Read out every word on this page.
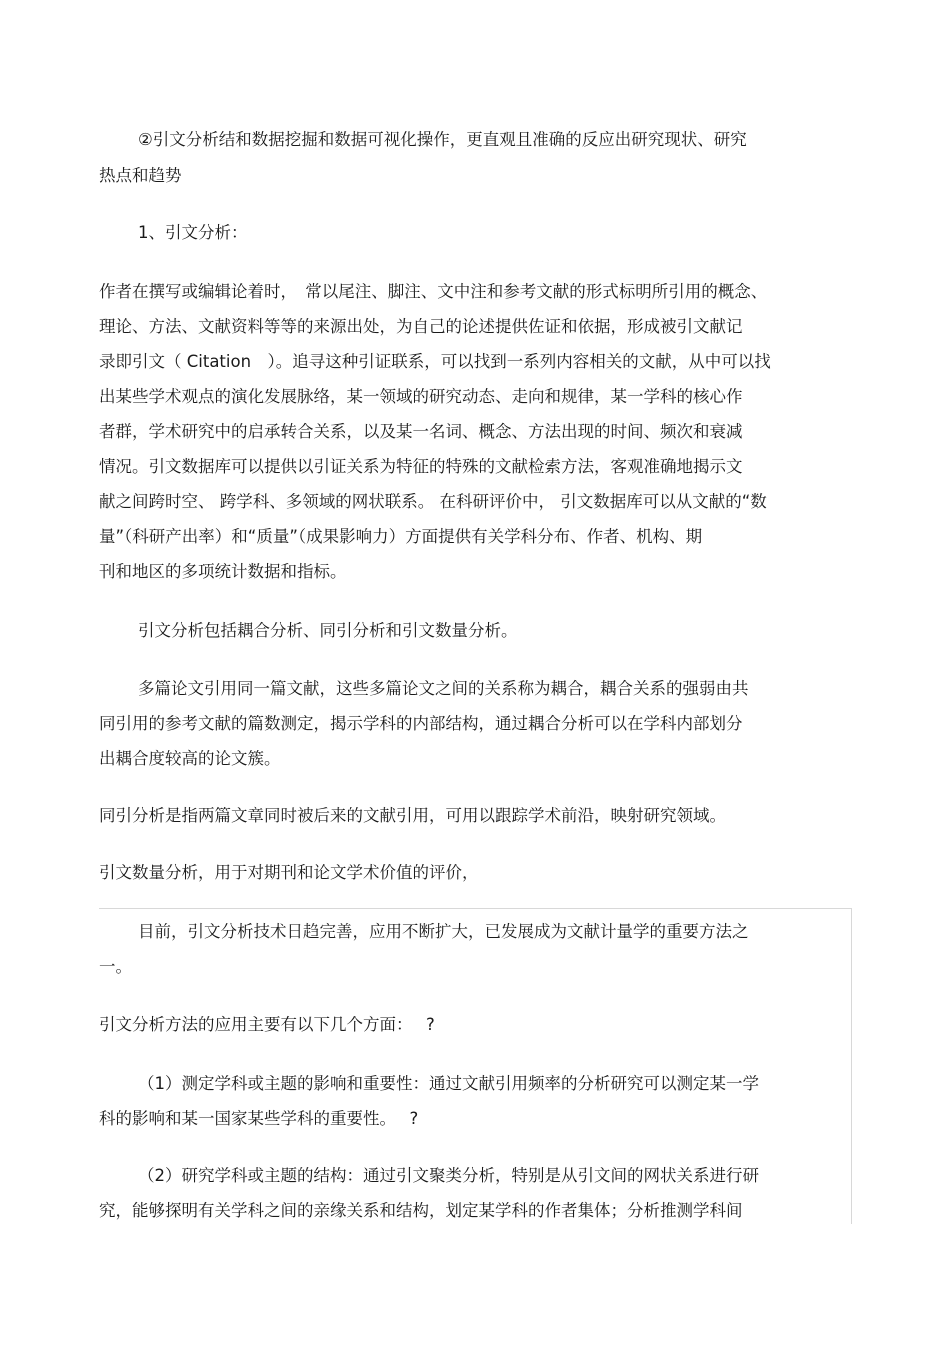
②引文分析结和数据挖掘和数据可视化操作，更直观且准确的反应出研究现状、研究
热点和趋势
1、引文分析：
作者在撰写或编辑论着时，　常以尾注、脚注、文中注和参考文献的形式标明所引用的概念、
理论、方法、文献资料等等的来源出处，为自己的论述提供佐证和依据，形成被引文献记
录即引文（ Citation　）。追寻这种引证联系，可以找到一系列内容相关的文献，从中可以找
出某些学术观点的演化发展脉络，某一领域的研究动态、走向和规律，某一学科的核心作
者群，学术研究中的启承转合关系，以及某一名词、概念、方法出现的时间、频次和衰减
情况。引文数据库可以提供以引证关系为特征的特殊的文献检索方法，客观准确地揭示文
献之间跨时空、 跨学科、多领域的网状联系。 在科研评价中， 引文数据库可以从文献的“数
量”（科研产出率）和“质量”（成果影响力）方面提供有关学科分布、作者、机构、期
刊和地区的多项统计数据和指标。
引文分析包括耦合分析、同引分析和引文数量分析。
多篇论文引用同一篇文献，这些多篇论文之间的关系称为耦合，耦合关系的强弱由共
同引用的参考文献的篇数测定，揭示学科的内部结构，通过耦合分析可以在学科内部划分
出耦合度较高的论文簇。
同引分析是指两篇文章同时被后来的文献引用，可用以跟踪学术前沿，映射研究领域。
引文数量分析，用于对期刊和论文学术价值的评价，
目前，引文分析技术日趋完善，应用不断扩大，已发展成为文献计量学的重要方法之
一。
引文分析方法的应用主要有以下几个方面：　 ?
（1）测定学科或主题的影响和重要性：通过文献引用频率的分析研究可以测定某一学
科的影响和某一国家某些学科的重要性。　 ?
（2）研究学科或主题的结构：通过引文聚类分析，特别是从引文间的网状关系进行研
究，能够探明有关学科之间的亲缘关系和结构，划定某学科的作者集体；分析推测学科间
